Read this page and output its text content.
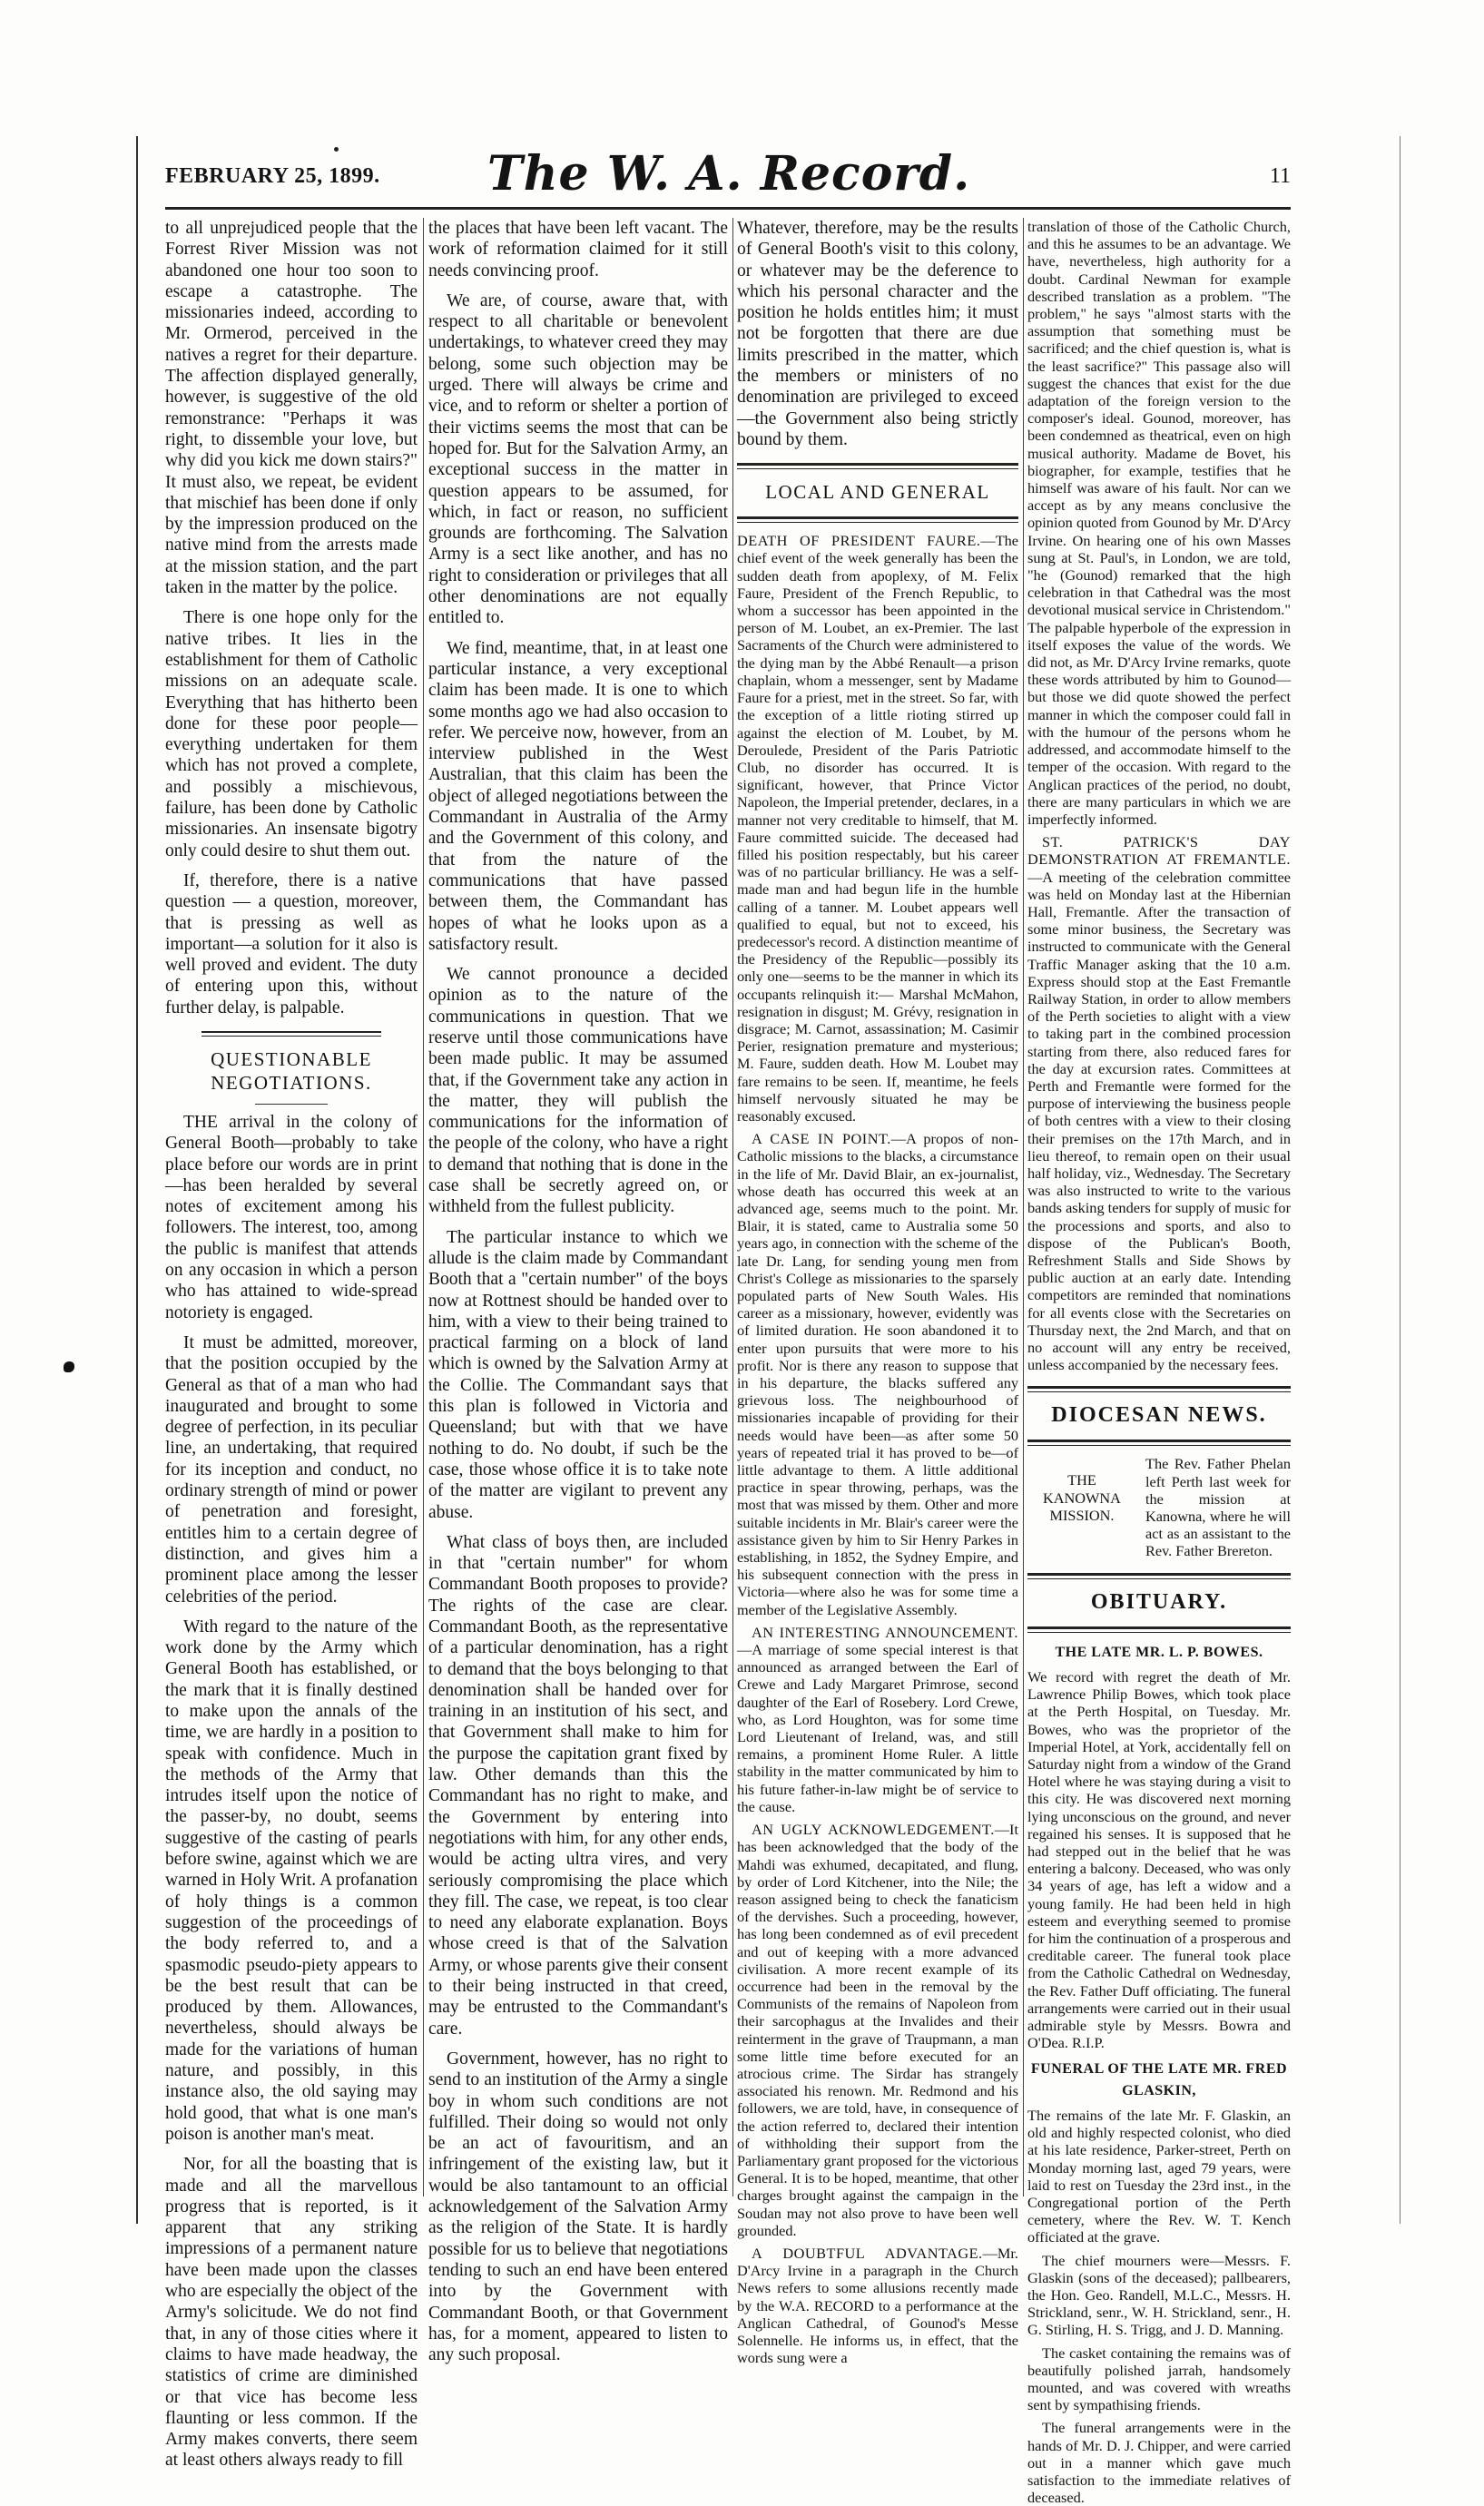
FEBRUARY 25, 1899. The W. A. Record.	11

to all unprejudiced people that the Forrest River Mission was not abandoned one hour too soon to escape a catastrophe. The missionaries indeed, according to Mr. Ormerod, perceived in the natives a regret for their departure. The affection displayed generally, however, is suggestive of the old remonstrance: "Perhaps it was right, to dissemble your love, but why did you kick me down stairs?" It must also, we repeat, be evident that mischief has been done if only by the impression produced on the native mind from the arrests made at the mission station, and the part taken in the matter by the police.

There is one hope only for the native tribes. It lies in the establishment for them of Catholic missions on an adequate scale. Everything that has hitherto been done for these poor people—everything undertaken for them which has not proved a complete, and possibly a mischievous, failure, has been done by Catholic missionaries. An insensate bigotry only could desire to shut them out.

If, therefore, there is a native question — a question, moreover, that is pressing as well as important—a solution for it also is well proved and evident. The duty of entering upon this, without further delay, is palpable.

QUESTIONABLE NEGOTIATIONS.

THE arrival in the colony of General Booth—probably to take place before our words are in print—has been heralded by several notes of excitement among his followers. The interest, too, among the public is manifest that attends on any occasion in which a person who has attained to wide-spread notoriety is engaged.

It must be admitted, moreover, that the position occupied by the General as that of a man who had inaugurated and brought to some degree of perfection, in its peculiar line, an undertaking, that required for its inception and conduct, no ordinary strength of mind or power of penetration and foresight, entitles him to a certain degree of distinction, and gives him a prominent place among the lesser celebrities of the period.

With regard to the nature of the work done by the Army which General Booth has established, or the mark that it is finally destined to make upon the annals of the time, we are hardly in a position to speak with confidence. Much in the methods of the Army that intrudes itself upon the notice of the passer-by, no doubt, seems suggestive of the casting of pearls before swine, against which we are warned in Holy Writ. A profanation of holy things is a common suggestion of the proceedings of the body referred to, and a spasmodic pseudo-piety appears to be the best result that can be produced by them. Allowances, nevertheless, should always be made for the variations of human nature, and possibly, in this instance also, the old saying may hold good, that what is one man's poison is another man's meat.

Nor, for all the boasting that is made and all the marvellous progress that is reported, is it apparent that any striking impressions of a permanent nature have been made upon the classes who are especially the object of the Army's solicitude. We do not find that, in any of those cities where it claims to have made headway, the statistics of crime are diminished or that vice has become less flaunting or less common. If the Army makes converts, there seem at least others always ready to fill

the places that have been left vacant. The work of reformation claimed for it still needs convincing proof.

We are, of course, aware that, with respect to all charitable or benevolent undertakings, to whatever creed they may belong, some such objection may be urged. There will always be crime and vice, and to reform or shelter a portion of their victims seems the most that can be hoped for. But for the Salvation Army, an exceptional success in the matter in question appears to be assumed, for which, in fact or reason, no sufficient grounds are forthcoming. The Salvation Army is a sect like another, and has no right to consideration or privileges that all other denominations are not equally entitled to.

We find, meantime, that, in at least one particular instance, a very exceptional claim has been made. It is one to which some months ago we had also occasion to refer. We perceive now, however, from an interview published in the West Australian, that this claim has been the object of alleged negotiations between the Commandant in Australia of the Army and the Government of this colony, and that from the nature of the communications that have passed between them, the Commandant has hopes of what he looks upon as a satisfactory result.

We cannot pronounce a decided opinion as to the nature of the communications in question. That we reserve until those communications have been made public. It may be assumed that, if the Government take any action in the matter, they will publish the communications for the information of the people of the colony, who have a right to demand that nothing that is done in the case shall be secretly agreed on, or withheld from the fullest publicity.

The particular instance to which we allude is the claim made by Commandant Booth that a "certain number" of the boys now at Rottnest should be handed over to him, with a view to their being trained to practical farming on a block of land which is owned by the Salvation Army at the Collie. The Commandant says that this plan is followed in Victoria and Queensland; but with that we have nothing to do. No doubt, if such be the case, those whose office it is to take note of the matter are vigilant to prevent any abuse.

What class of boys then, are included in that "certain number" for whom Commandant Booth proposes to provide? The rights of the case are clear. Commandant Booth, as the representative of a particular denomination, has a right to demand that the boys belonging to that denomination shall be handed over for training in an institution of his sect, and that Government shall make to him for the purpose the capitation grant fixed by law. Other demands than this the Commandant has no right to make, and the Government by entering into negotiations with him, for any other ends, would be acting ultra vires, and very seriously compromising the place which they fill. The case, we repeat, is too clear to need any elaborate explanation. Boys whose creed is that of the Salvation Army, or whose parents give their consent to their being instructed in that creed, may be entrusted to the Commandant's care.

Government, however, has no right to send to an institution of the Army a single boy in whom such conditions are not fulfilled. Their doing so would not only be an act of favouritism, and an infringement of the existing law, but it would be also tantamount to an official acknowledgement of the Salvation Army as the religion of the State. It is hardly possible for us to believe that negotiations tending to such an end have been entered into by the Government with Commandant Booth, or that Government has, for a moment, appeared to listen to any such proposal.

Whatever, therefore, may be the results of General Booth's visit to this colony, or whatever may be the deference to which his personal character and the position he holds entitles him; it must not be forgotten that there are due limits prescribed in the matter, which the members or ministers of no denomination are privileged to exceed—the Government also being strictly bound by them.

LOCAL AND GENERAL

DEATH OF PRESIDENT FAURE.—The chief event of the week generally has been the sudden death from apoplexy, of M. Felix Faure, President of the French Republic, to whom a successor has been appointed in the person of M. Loubet, an ex-Premier. The last Sacraments of the Church were administered to the dying man by the Abbé Renault—a prison chaplain, whom a messenger, sent by Madame Faure for a priest, met in the street. So far, with the exception of a little rioting stirred up against the election of M. Loubet, by M. Deroulede, President of the Paris Patriotic Club, no disorder has occurred. It is significant, however, that Prince Victor Napoleon, the Imperial pretender, declares, in a manner not very creditable to himself, that M. Faure committed suicide. The deceased had filled his position respectably, but his career was of no particular brilliancy. He was a self-made man and had begun life in the humble calling of a tanner. M. Loubet appears well qualified to equal, but not to exceed, his predecessor's record. A distinction meantime of the Presidency of the Republic—possibly its only one—seems to be the manner in which its occupants relinquish it:— Marshal McMahon, resignation in disgust; M. Grévy, resignation in disgrace; M. Carnot, assassination; M. Casimir Perier, resignation premature and mysterious; M. Faure, sudden death. How M. Loubet may fare remains to be seen. If, meantime, he feels himself nervously situated he may be reasonably excused.

A CASE IN POINT.—A propos of non-Catholic missions to the blacks, a circumstance in the life of Mr. David Blair, an ex-journalist, whose death has occurred this week at an advanced age, seems much to the point. Mr. Blair, it is stated, came to Australia some 50 years ago, in connection with the scheme of the late Dr. Lang, for sending young men from Christ's College as missionaries to the sparsely populated parts of New South Wales. His career as a missionary, however, evidently was of limited duration. He soon abandoned it to enter upon pursuits that were more to his profit. Nor is there any reason to suppose that in his departure, the blacks suffered any grievous loss. The neighbourhood of missionaries incapable of providing for their needs would have been—as after some 50 years of repeated trial it has proved to be—of little advantage to them. A little additional practice in spear throwing, perhaps, was the most that was missed by them. Other and more suitable incidents in Mr. Blair's career were the assistance given by him to Sir Henry Parkes in establishing, in 1852, the Sydney Empire, and his subsequent connection with the press in Victoria—where also he was for some time a member of the Legislative Assembly.

AN INTERESTING ANNOUNCEMENT.—A marriage of some special interest is that announced as arranged between the Earl of Crewe and Lady Margaret Primrose, second daughter of the Earl of Rosebery. Lord Crewe, who, as Lord Houghton, was for some time Lord Lieutenant of Ireland, was, and still remains, a prominent Home Ruler. A little stability in the matter communicated by him to his future father-in-law might be of service to the cause.

AN UGLY ACKNOWLEDGEMENT.—It has been acknowledged that the body of the Mahdi was exhumed, decapitated, and flung, by order of Lord Kitchener, into the Nile; the reason assigned being to check the fanaticism of the dervishes. Such a proceeding, however, has long been condemned as of evil precedent and out of keeping with a more advanced civilisation. A more recent example of its occurrence had been in the removal by the Communists of the remains of Napoleon from their sarcophagus at the Invalides and their reinterment in the grave of Traupmann, a man some little time before executed for an atrocious crime. The Sirdar has strangely associated his renown. Mr. Redmond and his followers, we are told, have, in consequence of the action referred to, declared their intention of withholding their support from the Parliamentary grant proposed for the victorious General. It is to be hoped, meantime, that other charges brought against the campaign in the Soudan may not also prove to have been well grounded.

A DOUBTFUL ADVANTAGE.—Mr. D'Arcy Irvine in a paragraph in the Church News refers to some allusions recently made by the W.A. RECORD to a performance at the Anglican Cathedral, of Gounod's Messe Solennelle. He informs us, in effect, that the words sung were a

translation of those of the Catholic Church, and this he assumes to be an advantage. We have, nevertheless, high authority for a doubt. Cardinal Newman for example described translation as a problem. "The problem," he says "almost starts with the assumption that something must be sacrificed; and the chief question is, what is the least sacrifice?" This passage also will suggest the chances that exist for the due adaptation of the foreign version to the composer's ideal. Gounod, moreover, has been condemned as theatrical, even on high musical authority. Madame de Bovet, his biographer, for example, testifies that he himself was aware of his fault. Nor can we accept as by any means conclusive the opinion quoted from Gounod by Mr. D'Arcy Irvine. On hearing one of his own Masses sung at St. Paul's, in London, we are told, "he (Gounod) remarked that the high celebration in that Cathedral was the most devotional musical service in Christendom." The palpable hyperbole of the expression in itself exposes the value of the words. We did not, as Mr. D'Arcy Irvine remarks, quote these words attributed by him to Gounod—but those we did quote showed the perfect manner in which the composer could fall in with the humour of the persons whom he addressed, and accommodate himself to the temper of the occasion. With regard to the Anglican practices of the period, no doubt, there are many particulars in which we are imperfectly informed.

ST. PATRICK'S DAY DEMONSTRATION AT FREMANTLE.—A meeting of the celebration committee was held on Monday last at the Hibernian Hall, Fremantle. After the transaction of some minor business, the Secretary was instructed to communicate with the General Traffic Manager asking that the 10 a.m. Express should stop at the East Fremantle Railway Station, in order to allow members of the Perth societies to alight with a view to taking part in the combined procession starting from there, also reduced fares for the day at excursion rates. Committees at Perth and Fremantle were formed for the purpose of interviewing the business people of both centres with a view to their closing their premises on the 17th March, and in lieu thereof, to remain open on their usual half holiday, viz., Wednesday. The Secretary was also instructed to write to the various bands asking tenders for supply of music for the processions and sports, and also to dispose of the Publican's Booth, Refreshment Stalls and Side Shows by public auction at an early date. Intending competitors are reminded that nominations for all events close with the Secretaries on Thursday next, the 2nd March, and that on no account will any entry be received, unless accompanied by the necessary fees.

DIOCESAN NEWS.
THE KANOWNA MISSION.
The Rev. Father Phelan left Perth last week for the mission at Kanowna, where he will act as an assistant to the Rev. Father Brereton.
OBITUARY.
THE LATE MR. L. P. BOWES.

We record with regret the death of Mr. Lawrence Philip Bowes, which took place at the Perth Hospital, on Tuesday. Mr. Bowes, who was the proprietor of the Imperial Hotel, at York, accidentally fell on Saturday night from a window of the Grand Hotel where he was staying during a visit to this city. He was discovered next morning lying unconscious on the ground, and never regained his senses. It is supposed that he had stepped out in the belief that he was entering a balcony. Deceased, who was only 34 years of age, has left a widow and a young family. He had been held in high esteem and everything seemed to promise for him the continuation of a prosperous and creditable career. The funeral took place from the Catholic Cathedral on Wednesday, the Rev. Father Duff officiating. The funeral arrangements were carried out in their usual admirable style by Messrs. Bowra and O'Dea. R.I.P.

FUNERAL OF THE LATE MR. FRED GLASKIN,

The remains of the late Mr. F. Glaskin, an old and highly respected colonist, who died at his late residence, Parker-street, Perth on Monday morning last, aged 79 years, were laid to rest on Tuesday the 23rd inst., in the Congregational portion of the Perth cemetery, where the Rev. W. T. Kench officiated at the grave.

The chief mourners were—Messrs. F. Glaskin (sons of the deceased); pallbearers, the Hon. Geo. Randell, M.L.C., Messrs. H. Strickland, senr., W. H. Strickland, senr., H. G. Stirling, H. S. Trigg, and J. D. Manning.

The casket containing the remains was of beautifully polished jarrah, handsomely mounted, and was covered with wreaths sent by sympathising friends.

The funeral arrangements were in the hands of Mr. D. J. Chipper, and were carried out in a manner which gave much satisfaction to the immediate relatives of deceased.
